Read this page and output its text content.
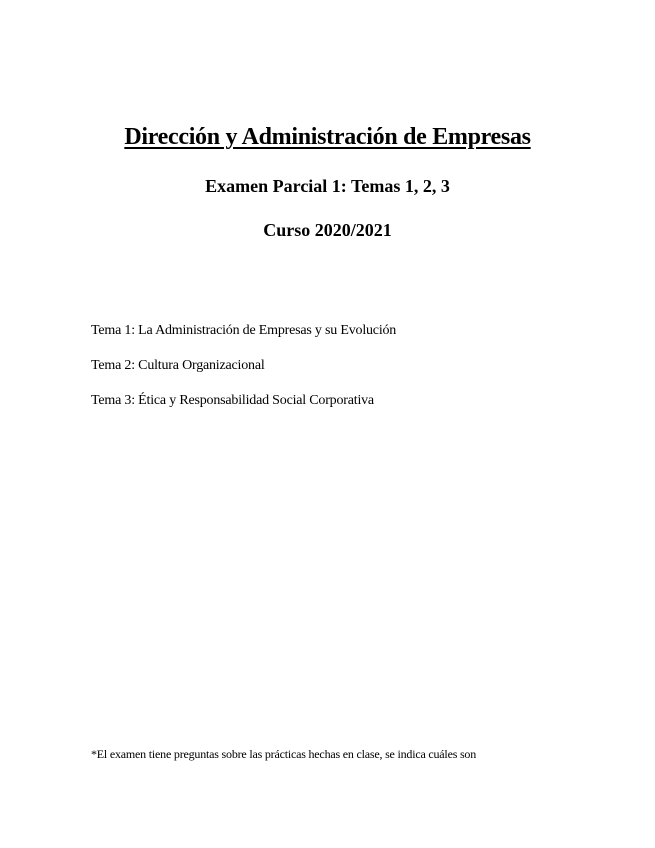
Dirección y Administración de Empresas
Examen Parcial 1: Temas 1, 2, 3
Curso 2020/2021
Tema 1: La Administración de Empresas y su Evolución
Tema 2: Cultura Organizacional
Tema 3: Ética y Responsabilidad Social Corporativa
*El examen tiene preguntas sobre las prácticas hechas en clase, se indica cuáles son
